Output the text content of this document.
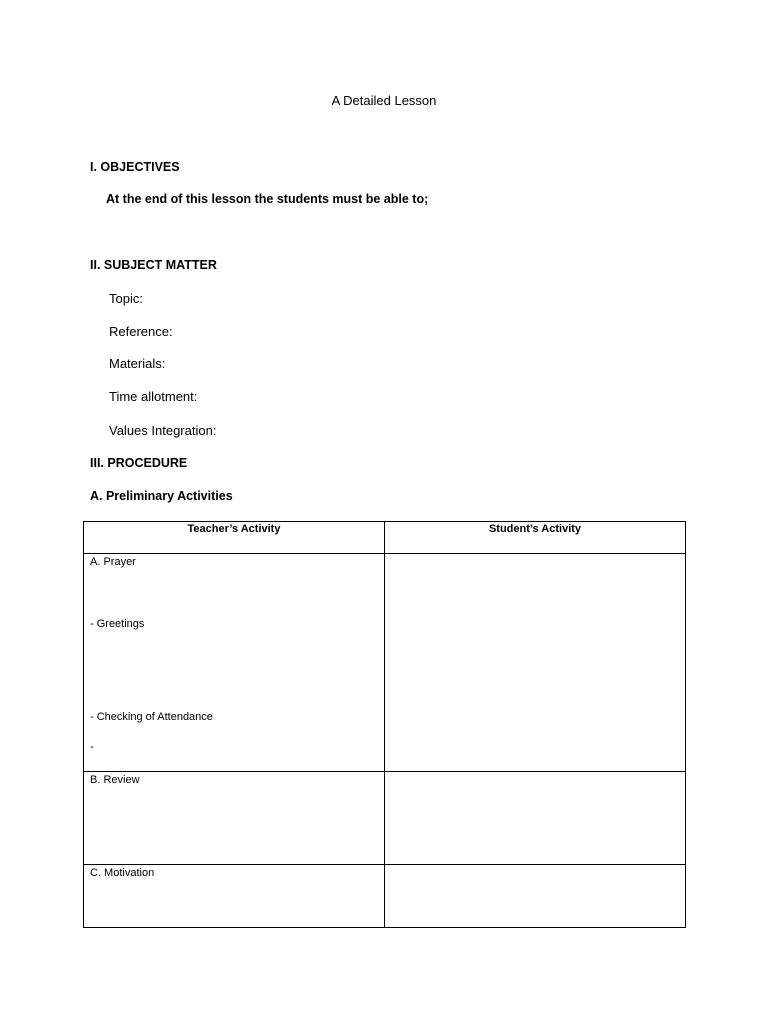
A Detailed Lesson
I. OBJECTIVES
At the end of this lesson the students must be able to;
II. SUBJECT MATTER
Topic:
Reference:
Materials:
Time allotment:
Values Integration:
III. PROCEDURE
A. Preliminary Activities
Teacher’s Activity	Student’s Activity

A. Prayer
- Greetings
- Checking of Attendance
-	

B. Review	

C. Motivation	
